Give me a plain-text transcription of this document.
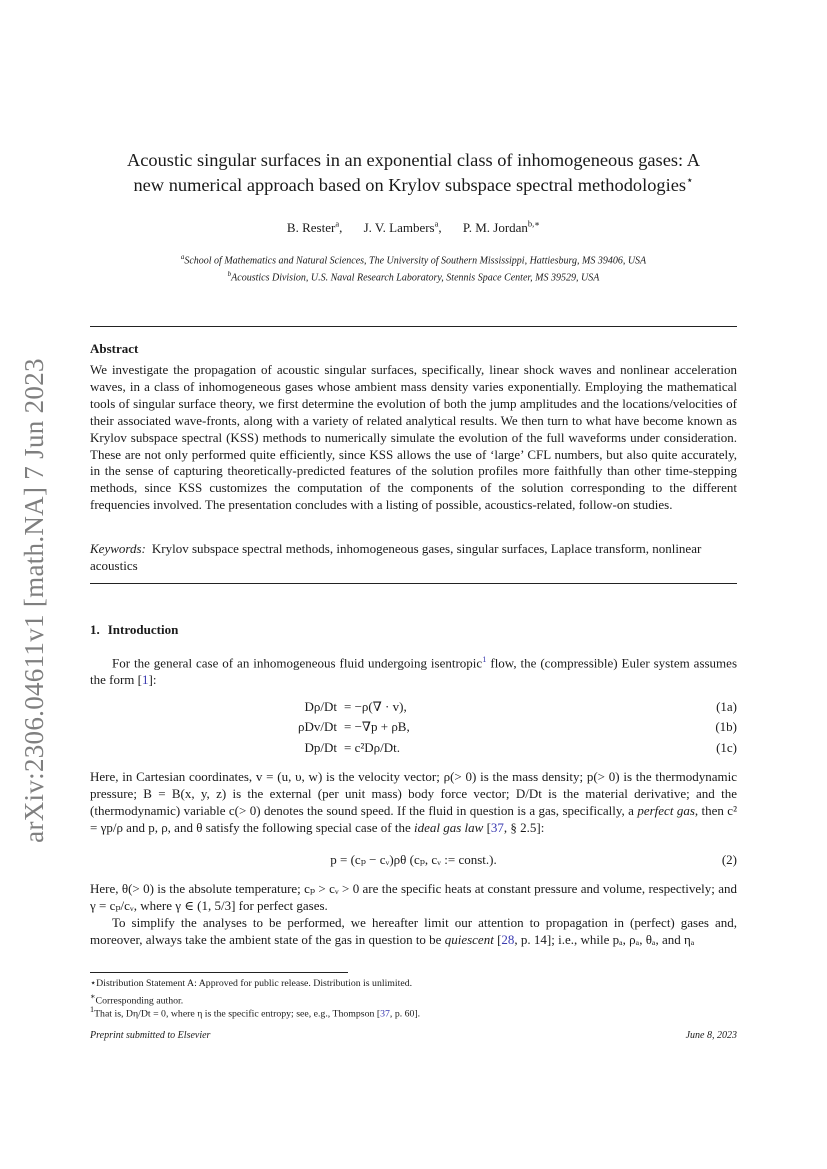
arXiv:2306.04611v1 [math.NA] 7 Jun 2023
Acoustic singular surfaces in an exponential class of inhomogeneous gases: A
new numerical approach based on Krylov subspace spectral methodologies⋆
B. Rester$^a$, J. V. Lambers$^a$, P. M. Jordan$^{b,∗}$
$^a$School of Mathematics and Natural Sciences, The University of Southern Mississippi, Hattiesburg, MS 39406, USA
$^b$Acoustics Division, U.S. Naval Research Laboratory, Stennis Space Center, MS 39529, USA
Abstract
We investigate the propagation of acoustic singular surfaces, specifically, linear shock waves and nonlinear acceleration waves, in a class of inhomogeneous gases whose ambient mass density varies exponentially. Employing the mathematical tools of singular surface theory, we first determine the evolution of both the jump amplitudes and the locations/velocities of their associated wave-fronts, along with a variety of related analytical results. We then turn to what have become known as Krylov subspace spectral (KSS) methods to numerically simulate the evolution of the full waveforms under consideration. These are not only performed quite efficiently, since KSS allows the use of ‘large’ CFL numbers, but also quite accurately, in the sense of capturing theoretically-predicted features of the solution profiles more faithfully than other time-stepping methods, since KSS customizes the computation of the components of the solution corresponding to the different frequencies involved. The presentation concludes with a listing of possible, acoustics-related, follow-on studies.
Keywords: Krylov subspace spectral methods, inhomogeneous gases, singular surfaces, Laplace transform, nonlinear acoustics
1. Introduction
For the general case of an inhomogeneous fluid undergoing isentropic$^1$ flow, the (compressible) Euler system assumes the form [1]:
Dρ/Dt = −ρ(∇ · v),	(1a)
ρDv/Dt = −∇p + ρB,	(1b)
Dp/Dt = c²Dρ/Dt.	(1c)
Here, in Cartesian coordinates, v = (u, υ, w) is the velocity vector; ρ(> 0) is the mass density; p(> 0) is the thermodynamic pressure; B = B(x, y, z) is the external (per unit mass) body force vector; D/Dt is the material derivative; and the (thermodynamic) variable c(> 0) denotes the sound speed. If the fluid in question is a gas, specifically, a perfect gas, then c² = γp/ρ and p, ρ, and θ satisfy the following special case of the ideal gas law [37, § 2.5]:
p = (cₚ − cᵥ)ρθ (cₚ, cᵥ := const.).	(2)
Here, θ(> 0) is the absolute temperature; cₚ > cᵥ > 0 are the specific heats at constant pressure and volume, respectively; and γ = cₚ/cᵥ, where γ ∈ (1, 5/3] for perfect gases.
To simplify the analyses to be performed, we hereafter limit our attention to propagation in (perfect) gases and, moreover, always take the ambient state of the gas in question to be quiescent [28, p. 14]; i.e., while pₐ, ρₐ, θₐ, and ηₐ
⋆Distribution Statement A: Approved for public release. Distribution is unlimited.
∗Corresponding author.
$^1$That is, Dη/Dt = 0, where η is the specific entropy; see, e.g., Thompson [37, p. 60].
Preprint submitted to Elsevier	June 8, 2023
